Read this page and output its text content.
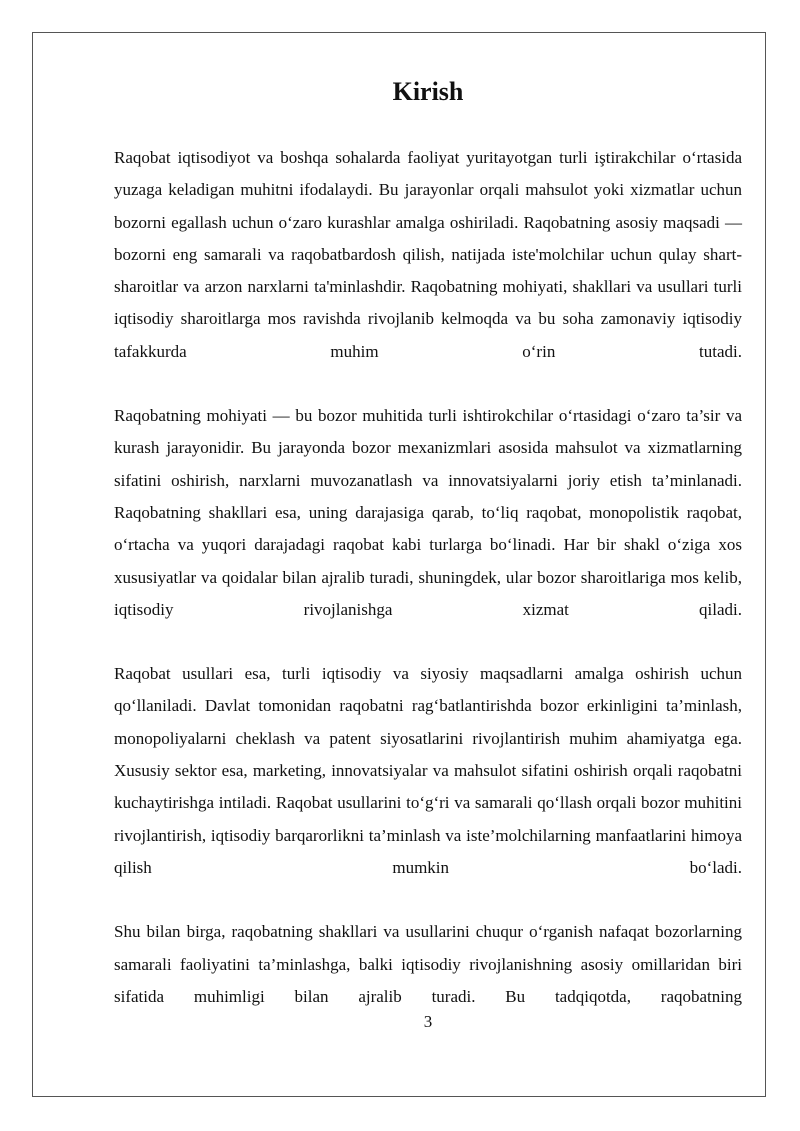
Kirish

Raqobat iqtisodiyot va boshqa sohalarda faoliyat yuritayotgan turli iştirakchilar o‘rtasida yuzaga keladigan muhitni ifodalaydi. Bu jarayonlar orqali mahsulot yoki xizmatlar uchun bozorni egallash uchun o‘zaro kurashlar amalga oshiriladi. Raqobatning asosiy maqsadi — bozorni eng samarali va raqobatbardosh qilish, natijada iste'molchilar uchun qulay shart-sharoitlar va arzon narxlarni ta'minlashdir. Raqobatning mohiyati, shakllari va usullari turli iqtisodiy sharoitlarga mos ravishda rivojlanib kelmoqda va bu soha zamonaviy iqtisodiy tafakkurda muhim o‘rin tutadi.

Raqobatning mohiyati — bu bozor muhitida turli ishtirokchilar o‘rtasidagi o‘zaro ta’sir va kurash jarayonidir. Bu jarayonda bozor mexanizmlari asosida mahsulot va xizmatlarning sifatini oshirish, narxlarni muvozanatlash va innovatsiyalarni joriy etish ta’minlanadi. Raqobatning shakllari esa, uning darajasiga qarab, to‘liq raqobat, monopolistik raqobat, o‘rtacha va yuqori darajadagi raqobat kabi turlarga bo‘linadi. Har bir shakl o‘ziga xos xususiyatlar va qoidalar bilan ajralib turadi, shuningdek, ular bozor sharoitlariga mos kelib, iqtisodiy rivojlanishga xizmat qiladi.

Raqobat usullari esa, turli iqtisodiy va siyosiy maqsadlarni amalga oshirish uchun qo‘llaniladi. Davlat tomonidan raqobatni rag‘batlantirishda bozor erkinligini ta’minlash, monopoliyalarni cheklash va patent siyosatlarini rivojlantirish muhim ahamiyatga ega. Xususiy sektor esa, marketing, innovatsiyalar va mahsulot sifatini oshirish orqali raqobatni kuchaytirishga intiladi. Raqobat usullarini to‘g‘ri va samarali qo‘llash orqali bozor muhitini rivojlantirish, iqtisodiy barqarorlikni ta’minlash va iste’molchilarning manfaatlarini himoya qilish mumkin bo‘ladi.

Shu bilan birga, raqobatning shakllari va usullarini chuqur o‘rganish nafaqat bozorlarning samarali faoliyatini ta’minlashga, balki iqtisodiy rivojlanishning asosiy omillaridan biri sifatida muhimligi bilan ajralib turadi. Bu tadqiqotda, raqobatning

3
